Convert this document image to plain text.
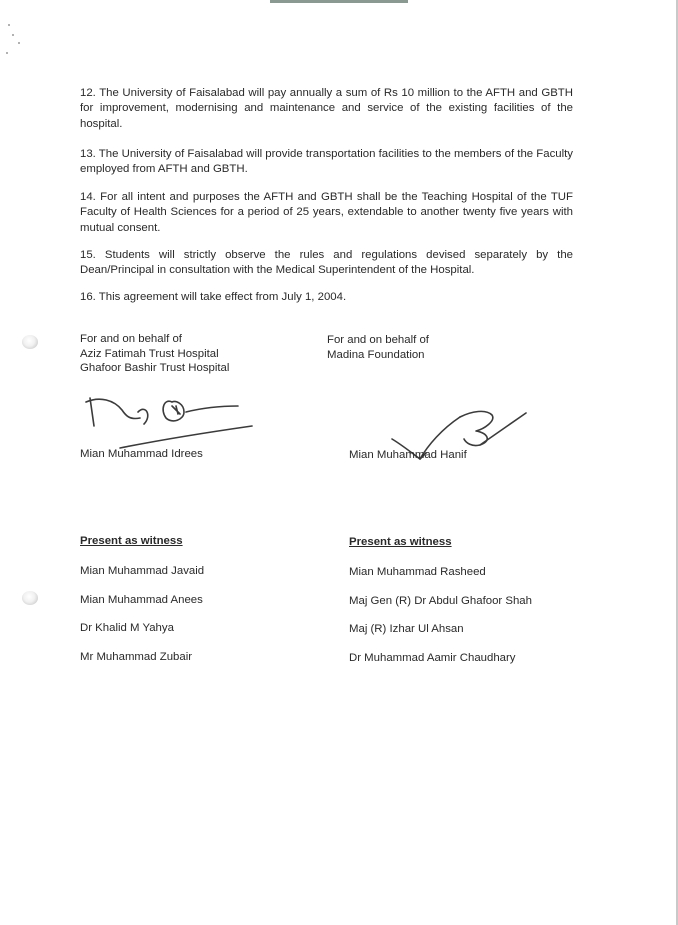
12. The University of Faisalabad will pay annually a sum of Rs 10 million to the AFTH and GBTH for improvement, modernising and maintenance and service of the existing facilities of the hospital.

13. The University of Faisalabad will provide transportation facilities to the members of the Faculty employed from AFTH and GBTH.

14. For all intent and purposes the AFTH and GBTH shall be the Teaching Hospital of the TUF Faculty of Health Sciences for a period of 25 years, extendable to another twenty five years with mutual consent.

15. Students will strictly observe the rules and regulations devised separately by the Dean/Principal in consultation with the Medical Superintendent of the Hospital.

16. This agreement will take effect from July 1, 2004.

For and on behalf of
Aziz Fatimah Trust Hospital
Ghafoor Bashir Trust Hospital
Mian Muhammad Idrees
For and on behalf of
Madina Foundation
Mian Muhammad Hanif
Present as witness
Mian Muhammad Javaid
Mian Muhammad Anees
Dr Khalid M Yahya
Mr Muhammad Zubair
Present as witness
Mian Muhammad Rasheed
Maj Gen (R) Dr Abdul Ghafoor Shah
Maj (R) Izhar Ul Ahsan
Dr Muhammad Aamir Chaudhary
